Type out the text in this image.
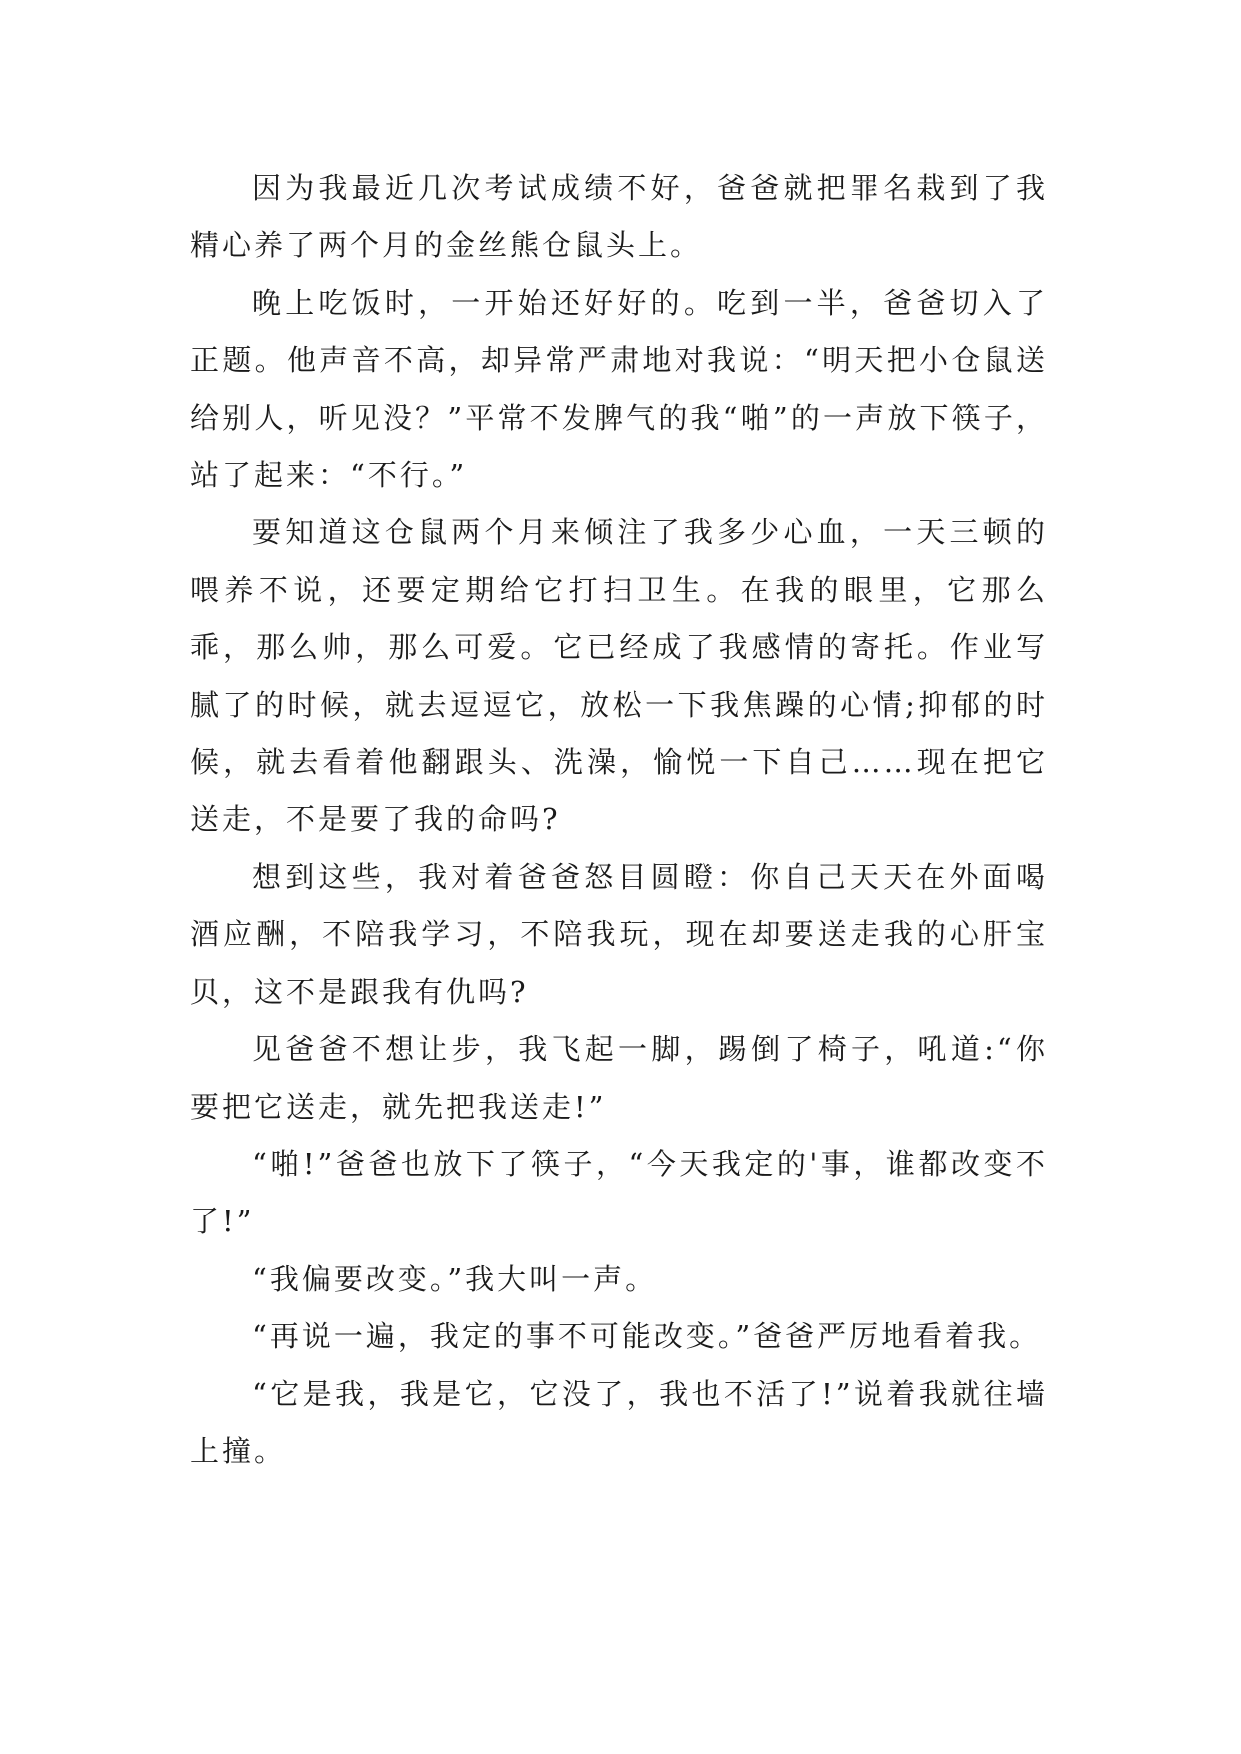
因为我最近几次考试成绩不好，爸爸就把罪名栽到了我精心养了两个月的金丝熊仓鼠头上。

晚上吃饭时，一开始还好好的。吃到一半，爸爸切入了正题。他声音不高，却异常严肃地对我说：“明天把小仓鼠送给别人，听见没？”平常不发脾气的我“啪”的一声放下筷子，站了起来：“不行。”

要知道这仓鼠两个月来倾注了我多少心血，一天三顿的喂养不说，还要定期给它打扫卫生。在我的眼里，它那么乖，那么帅，那么可爱。它已经成了我感情的寄托。作业写腻了的时候，就去逗逗它，放松一下我焦躁的心情;抑郁的时候，就去看着他翻跟头、洗澡，愉悦一下自己……现在把它送走，不是要了我的命吗?

想到这些，我对着爸爸怒目圆瞪：你自己天天在外面喝酒应酬，不陪我学习，不陪我玩，现在却要送走我的心肝宝贝，这不是跟我有仇吗?

见爸爸不想让步，我飞起一脚，踢倒了椅子，吼道:“你要把它送走，就先把我送走!”

“啪!”爸爸也放下了筷子，“今天我定的'事，谁都改变不了!”

“我偏要改变。”我大叫一声。

“再说一遍，我定的事不可能改变。”爸爸严厉地看着我。

“它是我，我是它，它没了，我也不活了!”说着我就往墙上撞。
